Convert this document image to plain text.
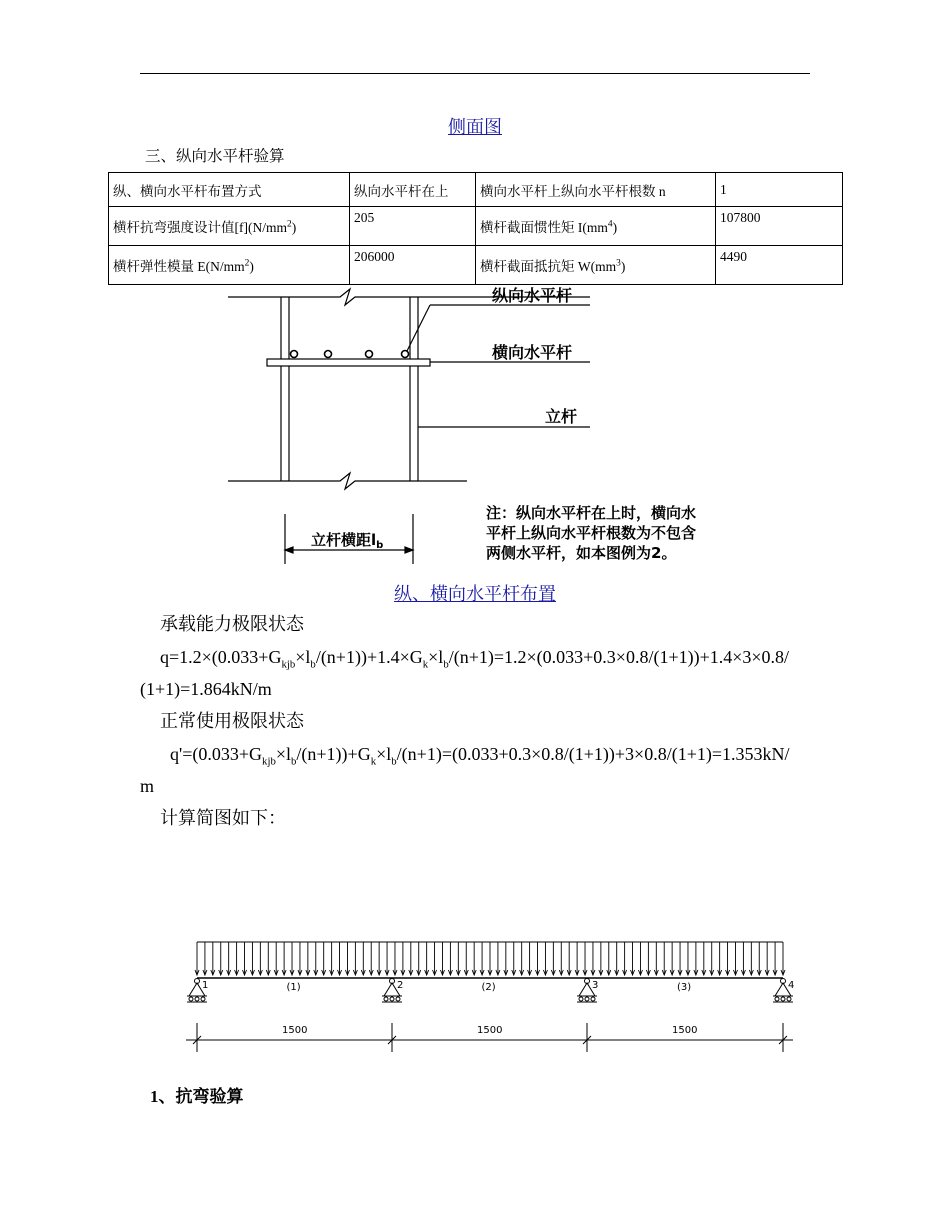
侧面图
三、纵向水平杆验算
纵、横向水平杆布置方式	纵向水平杆在上	横向水平杆上纵向水平杆根数 n	1
横杆抗弯强度设计值$[f](N/mm^2)$	205	横杆截面惯性矩 $I(mm^4)$	107800
横杆弹性模量 $E(N/mm^2)$	206000	横杆截面抵抗矩 $W(mm^3)$	4490
纵向水平杆
横向水平杆
立杆
立杆横距$l_b$
注：纵向水平杆在上时，横向水
平杆上纵向水平杆根数为不包含
两侧水平杆，如本图例为2。
纵、横向水平杆布置
承载能力极限状态
$q=1.2\times(0.033+G_{kjb}\times l_b/(n+1))+1.4\times G_k\times l_b/(n+1)=1.2\times(0.033+0.3\times 0.8/(1+1))+1.4\times 3\times 0.8/$
(1+1)=1.864kN/m
正常使用极限状态
$q'=(0.033+G_{kjb}\times l_b/(n+1))+G_k\times l_b/(n+1)=(0.033+0.3\times 0.8/(1+1))+3\times 0.8/(1+1)=1.353kN/$
m
计算简图如下：
1	2	3	4
(1)	(2)	(3)
1500	1500	1500
1、抗弯验算
